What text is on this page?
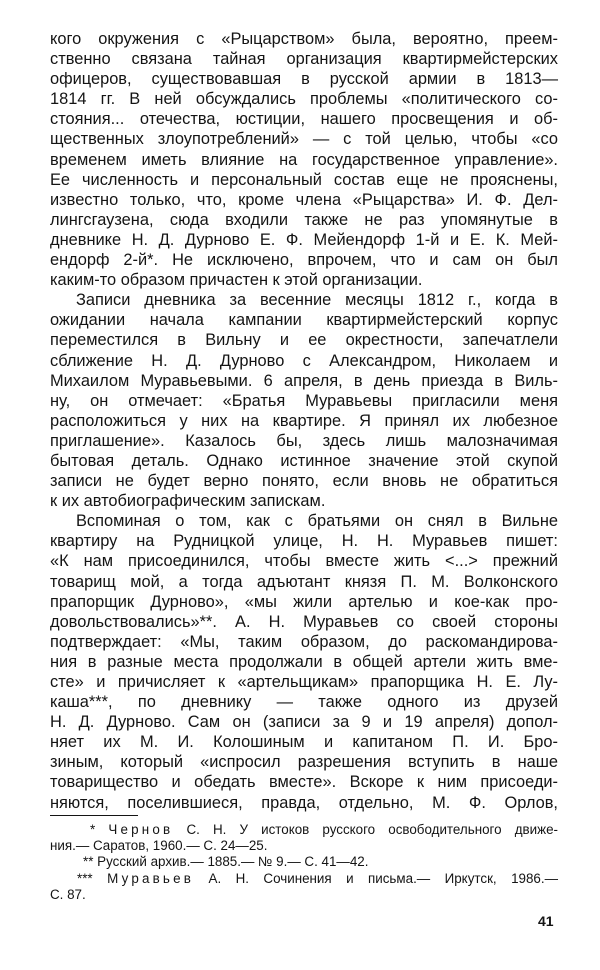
кого окружения с «Рыцарством» была, вероятно, преем-
ственно связана тайная организация квартирмейстерских
офицеров, существовавшая в русской армии в 1813—
1814 гг. В ней обсуждались проблемы «политического со-
стояния... отечества, юстиции, нашего просвещения и об-
щественных злоупотреблений» — с той целью, чтобы «со
временем иметь влияние на государственное управление».
Ее численность и персональный состав еще не прояснены,
известно только, что, кроме члена «Рыцарства» И. Ф. Дел-
лингсгаузена, сюда входили также не раз упомянутые в
дневнике Н. Д. Дурново Е. Ф. Мейендорф 1-й и Е. К. Мей-
ендорф 2-й*. Не исключено, впрочем, что и сам он был
каким-то образом причастен к этой организации.
Записи дневника за весенние месяцы 1812 г., когда в
ожидании начала кампании квартирмейстерский корпус
переместился в Вильну и ее окрестности, запечатлели
сближение Н. Д. Дурново с Александром, Николаем и
Михаилом Муравьевыми. 6 апреля, в день приезда в Виль-
ну, он отмечает: «Братья Муравьевы пригласили меня
расположиться у них на квартире. Я принял их любезное
приглашение». Казалось бы, здесь лишь малозначимая
бытовая деталь. Однако истинное значение этой скупой
записи не будет верно понято, если вновь не обратиться
к их автобиографическим запискам.
Вспоминая о том, как с братьями он снял в Вильне
квартиру на Рудницкой улице, Н. Н. Муравьев пишет:
«К нам присоединился, чтобы вместе жить <...> прежний
товарищ мой, а тогда адъютант князя П. М. Волконского
прапорщик Дурново», «мы жили артелью и кое-как про-
довольствовались»**. А. Н. Муравьев со своей стороны
подтверждает: «Мы, таким образом, до раскомандирова-
ния в разные места продолжали в общей артели жить вме-
сте» и причисляет к «артельщикам» прапорщика Н. Е. Лу-
каша***, по дневнику — также одного из друзей
Н. Д. Дурново. Сам он (записи за 9 и 19 апреля) допол-
няет их М. И. Колошиным и капитаном П. И. Бро-
зиным, который «испросил разрешения вступить в наше
товарищество и обедать вместе». Вскоре к ним присоеди-
няются, поселившиеся, правда, отдельно, М. Ф. Орлов,
* Чернов С. Н. У истоков русского освободительного движе-
ния.— Саратов, 1960.— С. 24—25.
** Русский архив.— 1885.— № 9.— С. 41—42.
*** Муравьев А. Н. Сочинения и письма.— Иркутск, 1986.—
С. 87.
41
